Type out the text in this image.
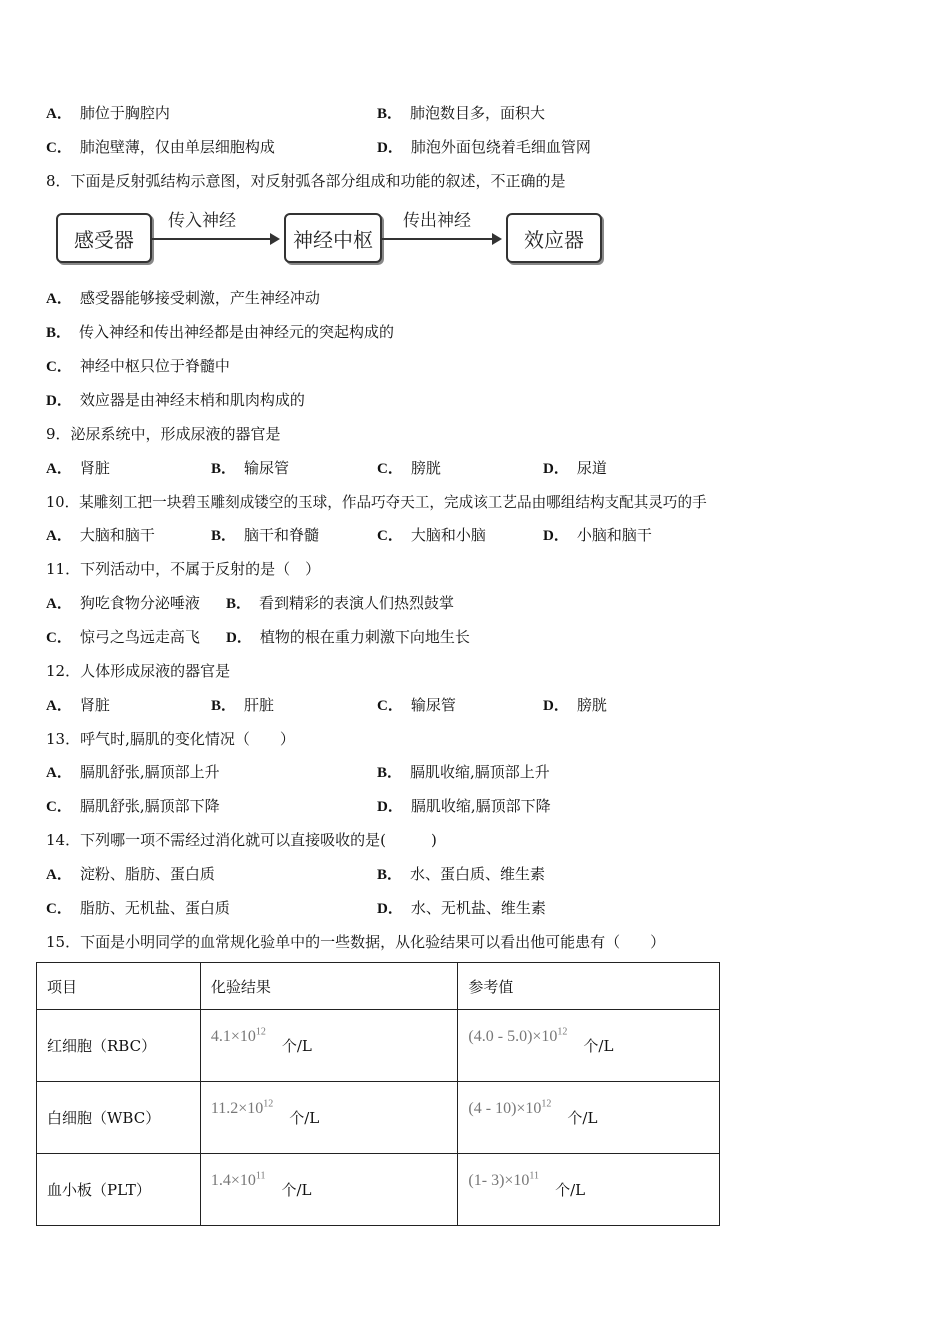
A． 肺位于胸腔内	B． 肺泡数目多，面积大
C． 肺泡壁薄，仅由单层细胞构成	D． 肺泡外面包绕着毛细血管网
8．下面是反射弧结构示意图，对反射弧各部分组成和功能的叙述，不正确的是
感受器
传入神经
神经中枢
传出神经
效应器
A． 感受器能够接受刺激，产生神经冲动
B． 传入神经和传出神经都是由神经元的突起构成的
C． 神经中枢只位于脊髓中
D． 效应器是由神经末梢和肌肉构成的
9．泌尿系统中，形成尿液的器官是
A． 肾脏	B． 输尿管	C． 膀胱	D． 尿道
10．某雕刻工把一块碧玉雕刻成镂空的玉球，作品巧夺天工，完成该工艺品由哪组结构支配其灵巧的手
A． 大脑和脑干	B． 脑干和脊髓	C． 大脑和小脑	D． 小脑和脑干
11．下列活动中，不属于反射的是（　）
A． 狗吃食物分泌唾液 B． 看到精彩的表演人们热烈鼓掌
C． 惊弓之鸟远走高飞 D． 植物的根在重力刺激下向地生长
12．人体形成尿液的器官是
A． 肾脏	B． 肝脏	C． 输尿管	D． 膀胱
13．呼气时,膈肌的变化情况（　　）
A． 膈肌舒张,膈顶部上升	B． 膈肌收缩,膈顶部上升
C． 膈肌舒张,膈顶部下降	D． 膈肌收缩,膈顶部下降
14．下列哪一项不需经过消化就可以直接吸收的是(　　　)
A． 淀粉、脂肪、蛋白质	B． 水、蛋白质、维生素
C． 脂肪、无机盐、蛋白质	D． 水、无机盐、维生素
15．下面是小明同学的血常规化验单中的一些数据，从化验结果可以看出他可能患有（　　）
项目	化验结果	参考值
红细胞（RBC）	$4.1\times 10^{12}$个/L	$(4.0 - 5.0)\times 10^{12}$个/L
白细胞（WBC）	$11.2\times 10^{12}$个/L	$(4 - 10)\times 10^{12}$个/L
血小板（PLT）	$1.4\times 10^{11}$个/L	(1- $3)\times 10^{11}$个/L
